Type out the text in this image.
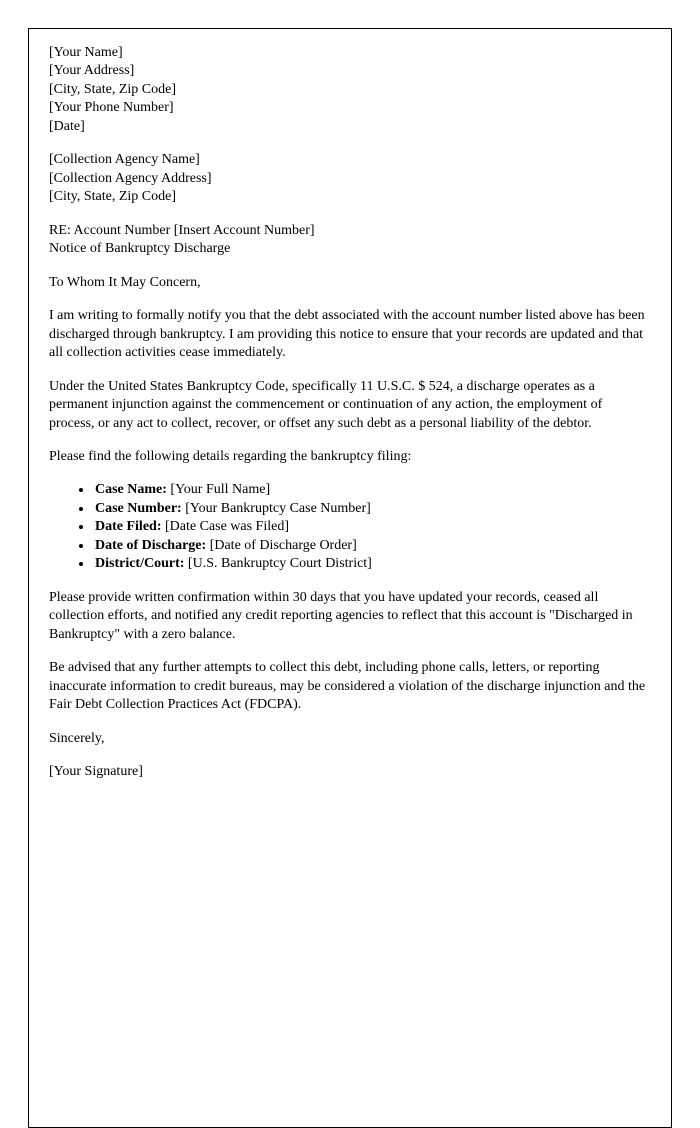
[Your Name]
[Your Address]
[City, State, Zip Code]
[Your Phone Number]
[Date]
[Collection Agency Name]
[Collection Agency Address]
[City, State, Zip Code]
RE: Account Number [Insert Account Number]
Notice of Bankruptcy Discharge

To Whom It May Concern,

I am writing to formally notify you that the debt associated with the account number listed above has been discharged through bankruptcy. I am providing this notice to ensure that your records are updated and that all collection activities cease immediately.

Under the United States Bankruptcy Code, specifically 11 U.S.C. $ 524, a discharge operates as a permanent injunction against the commencement or continuation of any action, the employment of process, or any act to collect, recover, or offset any such debt as a personal liability of the debtor.

Please find the following details regarding the bankruptcy filing:

• Case Name: [Your Full Name]
• Case Number: [Your Bankruptcy Case Number]
• Date Filed: [Date Case was Filed]
• Date of Discharge: [Date of Discharge Order]
• District/Court: [U.S. Bankruptcy Court District]

Please provide written confirmation within 30 days that you have updated your records, ceased all collection efforts, and notified any credit reporting agencies to reflect that this account is "Discharged in Bankruptcy" with a zero balance.

Be advised that any further attempts to collect this debt, including phone calls, letters, or reporting inaccurate information to credit bureaus, may be considered a violation of the discharge injunction and the Fair Debt Collection Practices Act (FDCPA).

Sincerely,

[Your Signature]
